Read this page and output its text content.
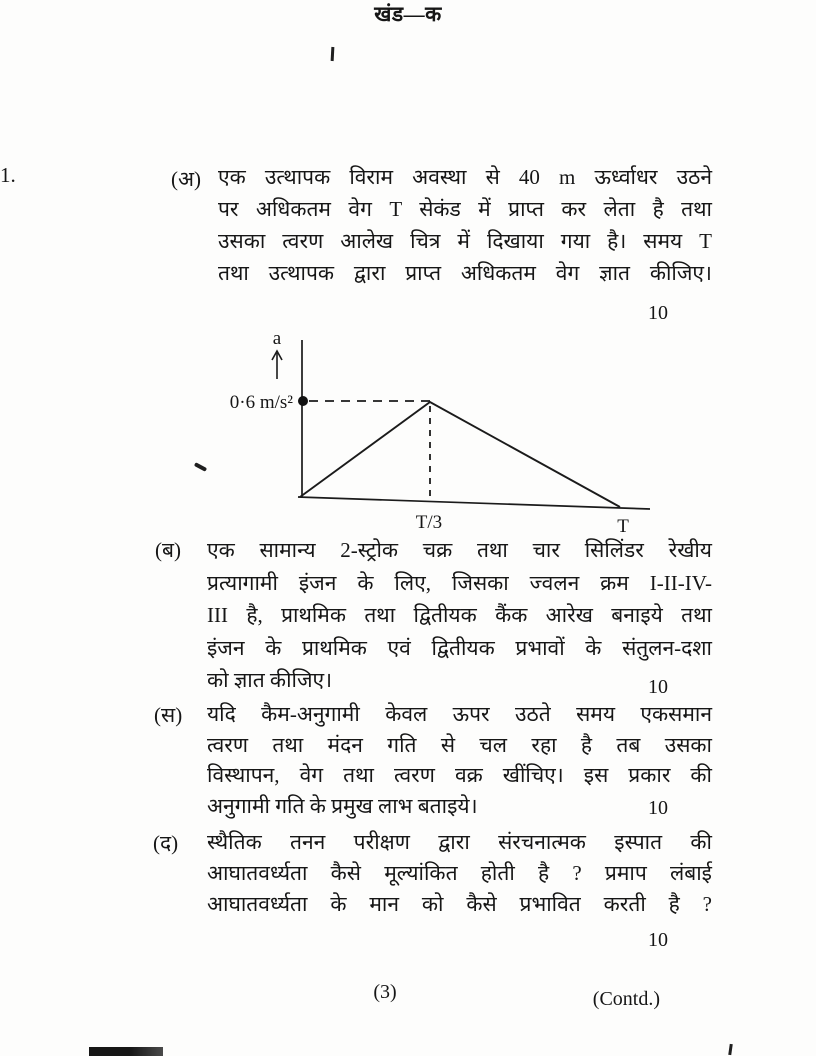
खंड—क
1.	(अ) एक उत्थापक विराम अवस्था से 40 m ऊर्ध्वाधर उठने
पर अधिकतम वेग T सेकंड में प्राप्त कर लेता है तथा
उसका त्वरण आलेख चित्र में दिखाया गया है। समय T
तथा उत्थापक द्वारा प्राप्त अधिकतम वेग ज्ञात कीजिए।
10
a
0·6 m/s²
T/3	T
(ब) एक सामान्य 2-स्ट्रोक चक्र तथा चार सिलिंडर रेखीय
प्रत्यागामी इंजन के लिए, जिसका ज्वलन क्रम I-II-IV-
III है, प्राथमिक तथा द्वितीयक कैंक आरेख बनाइये तथा
इंजन के प्राथमिक एवं द्वितीयक प्रभावों के संतुलन-दशा
को ज्ञात कीजिए।	10
(स) यदि कैम-अनुगामी केवल ऊपर उठते समय एकसमान
त्वरण तथा मंदन गति से चल रहा है तब उसका
विस्थापन, वेग तथा त्वरण वक्र खींचिए। इस प्रकार की
अनुगामी गति के प्रमुख लाभ बताइये।	10
(द) स्थैतिक तनन परीक्षण द्वारा संरचनात्मक इस्पात की
आघातवर्ध्यता कैसे मूल्यांकित होती है ? प्रमाप लंबाई
आघातवर्ध्यता के मान को कैसे प्रभावित करती है ?
10
(3)	(Contd.)
